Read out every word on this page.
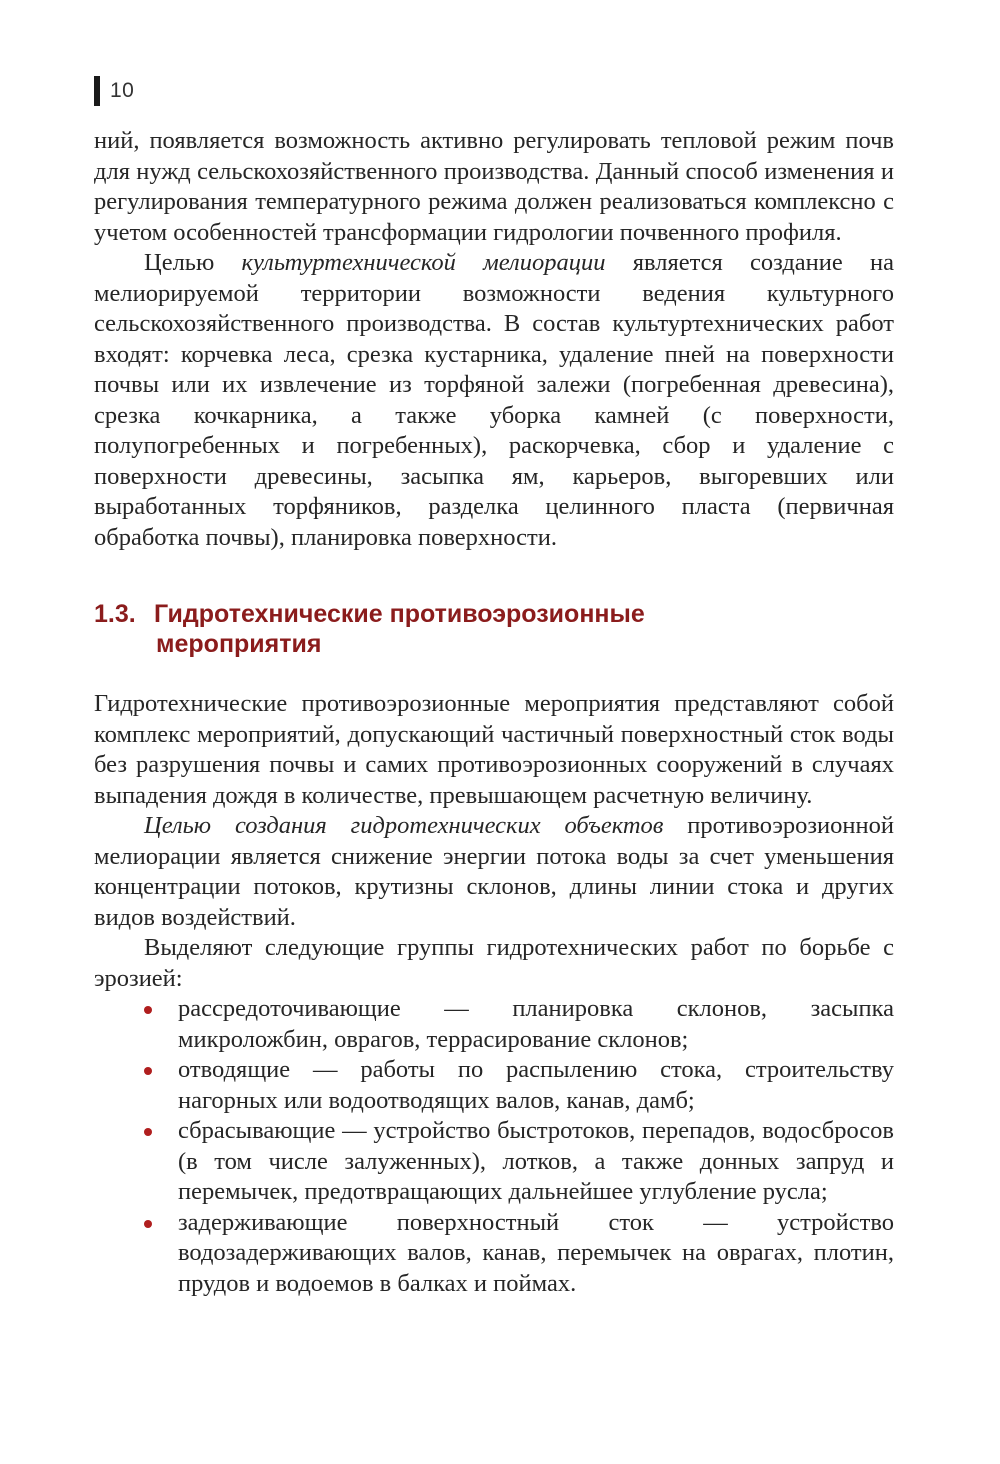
10

ний, появляется возможность активно регулировать тепловой режим почв для нужд сельскохозяйственного производства. Данный способ изменения и регулирования температурного режима должен реализоваться комплексно с учетом особенностей трансформации гидрологии почвенного профиля.

Целью культуртехнической мелиорации является создание на мелиорируемой территории возможности ведения культурного сельскохозяйственного производства. В состав культуртехнических работ входят: корчевка леса, срезка кустарника, удаление пней на поверхности почвы или их извлечение из торфяной залежи (погребенная древесина), срезка кочкарника, а также уборка камней (с поверхности, полупогребенных и погребенных), раскорчевка, сбор и удаление с поверхности древесины, засыпка ям, карьеров, выгоревших или выработанных торфяников, разделка целинного пласта (первичная обработка почвы), планировка поверхности.

1.3. Гидротехнические противоэрозионные
мероприятия

Гидротехнические противоэрозионные мероприятия представляют собой комплекс мероприятий, допускающий частичный поверхностный сток воды без разрушения почвы и самих противоэрозионных сооружений в случаях выпадения дождя в количестве, превышающем расчетную величину.

Целью создания гидротехнических объектов противоэрозионной мелиорации является снижение энергии потока воды за счет уменьшения концентрации потоков, крутизны склонов, длины линии стока и других видов воздействий.

Выделяют следующие группы гидротехнических работ по борьбе с эрозией:

рассредоточивающие — планировка склонов, засыпка микроложбин, оврагов, террасирование склонов;
отводящие — работы по распылению стока, строительству нагорных или водоотводящих валов, канав, дамб;
сбрасывающие — устройство быстротоков, перепадов, водосбросов (в том числе залуженных), лотков, а также донных запруд и перемычек, предотвращающих дальнейшее углубление русла;
задерживающие поверхностный сток — устройство водозадерживающих валов, канав, перемычек на оврагах, плотин, прудов и водоемов в балках и поймах.
